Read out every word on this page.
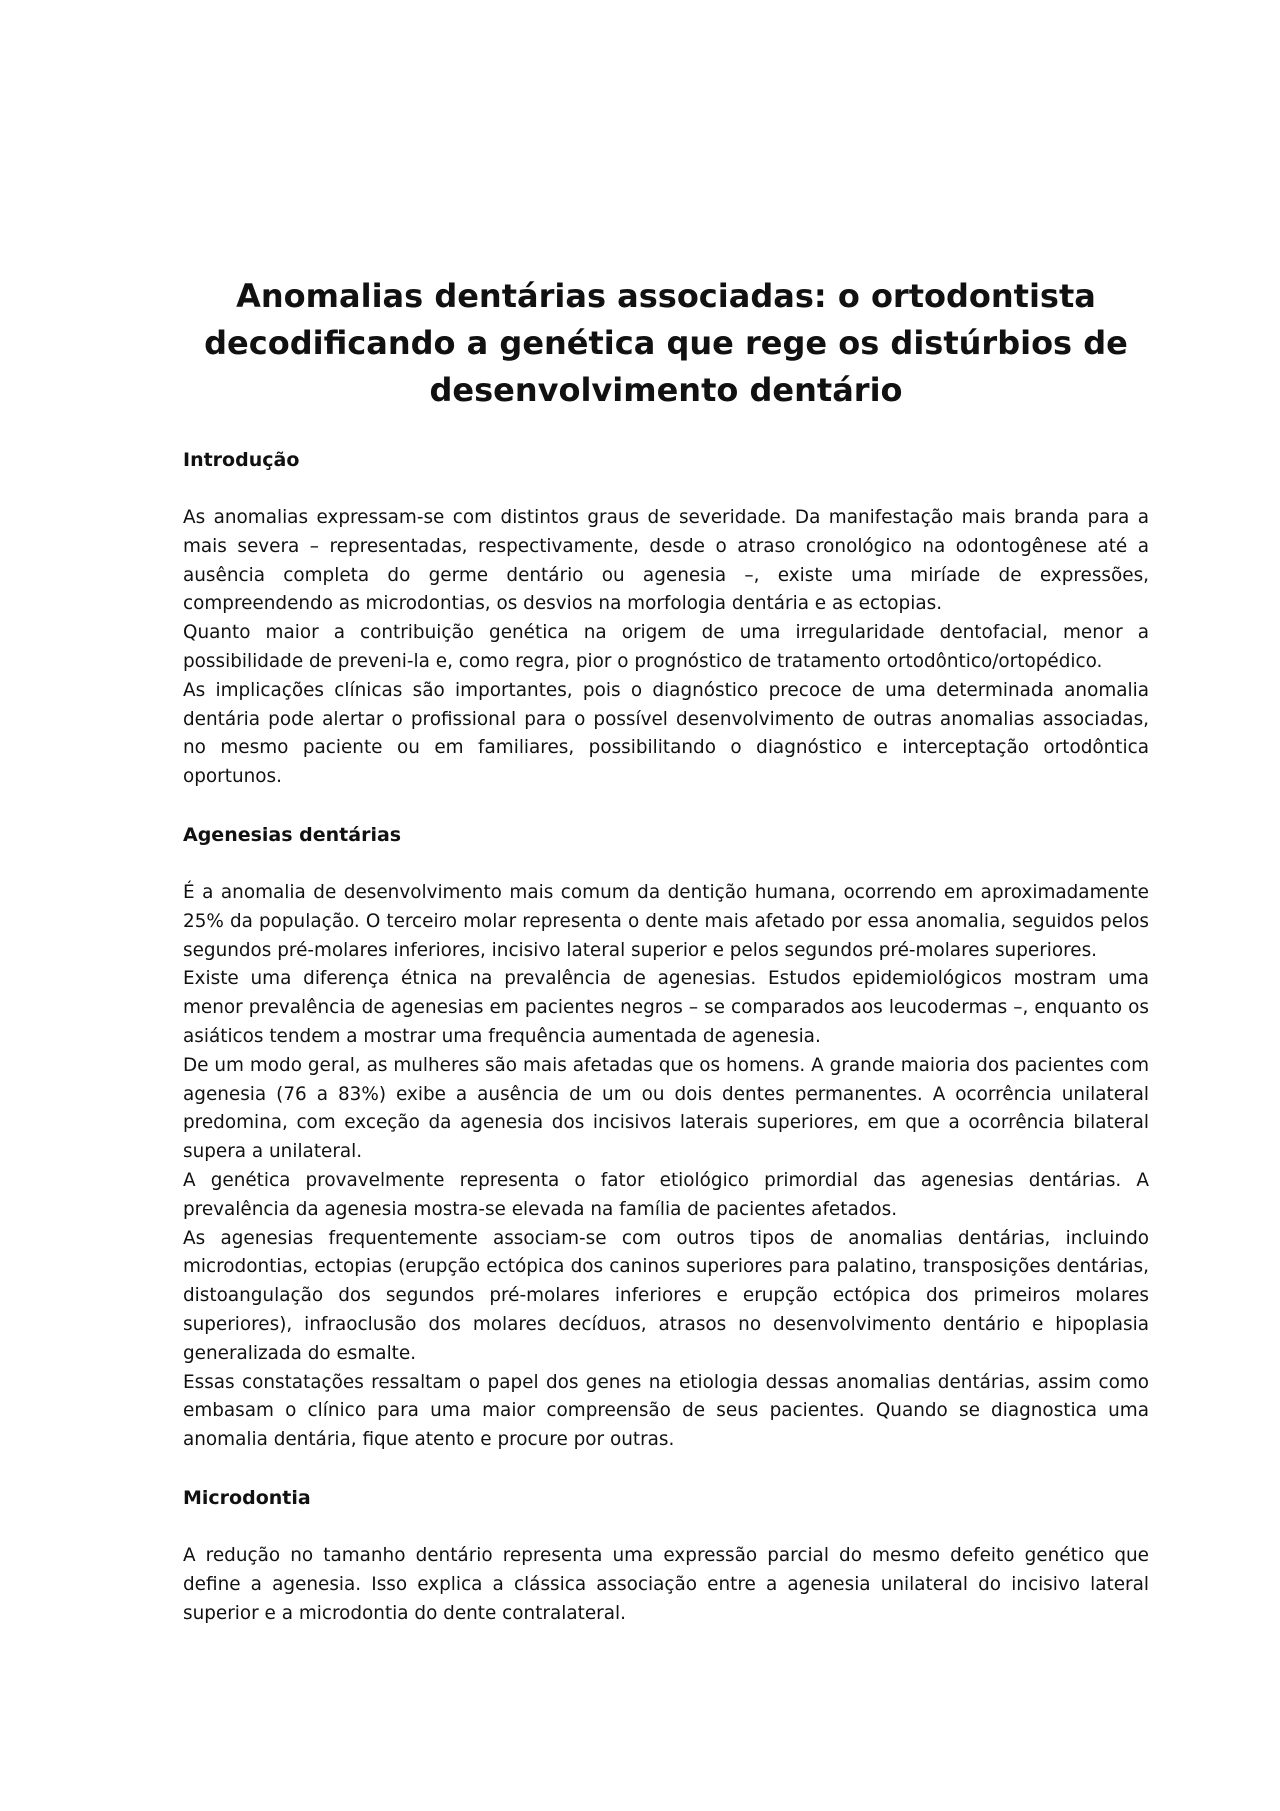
Anomalias dentárias associadas: o ortodontista decodificando a genética que rege os distúrbios de desenvolvimento dentário
Introdução

As anomalias expressam-se com distintos graus de severidade. Da manifestação mais branda para a mais severa – representadas, respectivamente, desde o atraso cronológico na odontogênese até a ausência completa do germe dentário ou agenesia –, existe uma miríade de expressões, compreendendo as microdontias, os desvios na morfologia dentária e as ectopias.

Quanto maior a contribuição genética na origem de uma irregularidade dentofacial, menor a possibilidade de preveni-la e, como regra, pior o prognóstico de tratamento ortodôntico/ortopédico.

As implicações clínicas são importantes, pois o diagnóstico precoce de uma determinada anomalia dentária pode alertar o profissional para o possível desenvolvimento de outras anomalias associadas, no mesmo paciente ou em familiares, possibilitando o diagnóstico e interceptação ortodôntica oportunos.

Agenesias dentárias

É a anomalia de desenvolvimento mais comum da dentição humana, ocorrendo em aproximadamente 25% da população. O terceiro molar representa o dente mais afetado por essa anomalia, seguidos pelos segundos pré-molares inferiores, incisivo lateral superior e pelos segundos pré-molares superiores.

Existe uma diferença étnica na prevalência de agenesias. Estudos epidemiológicos mostram uma menor prevalência de agenesias em pacientes negros – se comparados aos leucodermas –, enquanto os asiáticos tendem a mostrar uma frequência aumentada de agenesia.

De um modo geral, as mulheres são mais afetadas que os homens. A grande maioria dos pacientes com agenesia (76 a 83%) exibe a ausência de um ou dois dentes permanentes. A ocorrência unilateral predomina, com exceção da agenesia dos incisivos laterais superiores, em que a ocorrência bilateral supera a unilateral.

A genética provavelmente representa o fator etiológico primordial das agenesias dentárias. A prevalência da agenesia mostra-se elevada na família de pacientes afetados.

As agenesias frequentemente associam-se com outros tipos de anomalias dentárias, incluindo microdontias, ectopias (erupção ectópica dos caninos superiores para palatino, transposições dentárias, distoangulação dos segundos pré-molares inferiores e erupção ectópica dos primeiros molares superiores), infraoclusão dos molares decíduos, atrasos no desenvolvimento dentário e hipoplasia generalizada do esmalte.

Essas constatações ressaltam o papel dos genes na etiologia dessas anomalias dentárias, assim como embasam o clínico para uma maior compreensão de seus pacientes. Quando se diagnostica uma anomalia dentária, fique atento e procure por outras.

Microdontia

A redução no tamanho dentário representa uma expressão parcial do mesmo defeito genético que define a agenesia. Isso explica a clássica associação entre a agenesia unilateral do incisivo lateral superior e a microdontia do dente contralateral.
